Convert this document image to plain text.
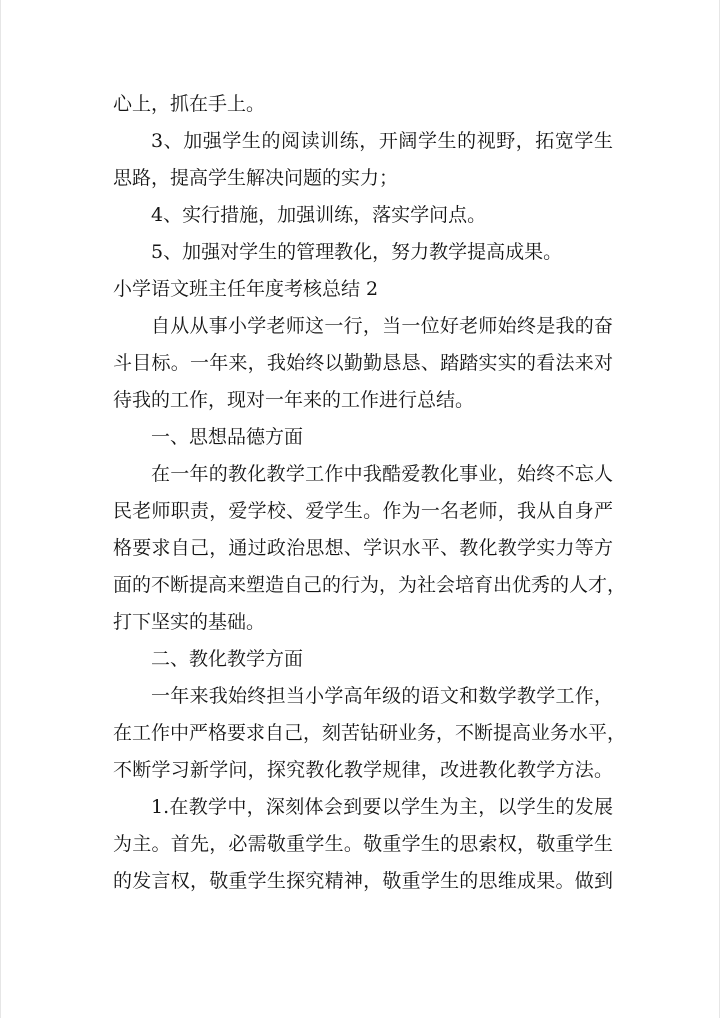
心上，抓在手上。
3、加强学生的阅读训练，开阔学生的视野，拓宽学生
思路，提高学生解决问题的实力；
4、实行措施，加强训练，落实学问点。
5、加强对学生的管理教化，努力教学提高成果。
小学语文班主任年度考核总结 2
自从从事小学老师这一行，当一位好老师始终是我的奋
斗目标。一年来，我始终以勤勤恳恳、踏踏实实的看法来对
待我的工作，现对一年来的工作进行总结。
一、思想品德方面
在一年的教化教学工作中我酷爱教化事业，始终不忘人
民老师职责，爱学校、爱学生。作为一名老师，我从自身严
格要求自己，通过政治思想、学识水平、教化教学实力等方
面的不断提高来塑造自己的行为，为社会培育出优秀的人才，
打下坚实的基础。
二、教化教学方面
一年来我始终担当小学高年级的语文和数学教学工作，
在工作中严格要求自己，刻苦钻研业务，不断提高业务水平，
不断学习新学问，探究教化教学规律，改进教化教学方法。
1.在教学中，深刻体会到要以学生为主，以学生的发展
为主。首先，必需敬重学生。敬重学生的思索权，敬重学生
的发言权，敬重学生探究精神，敬重学生的思维成果。做到
